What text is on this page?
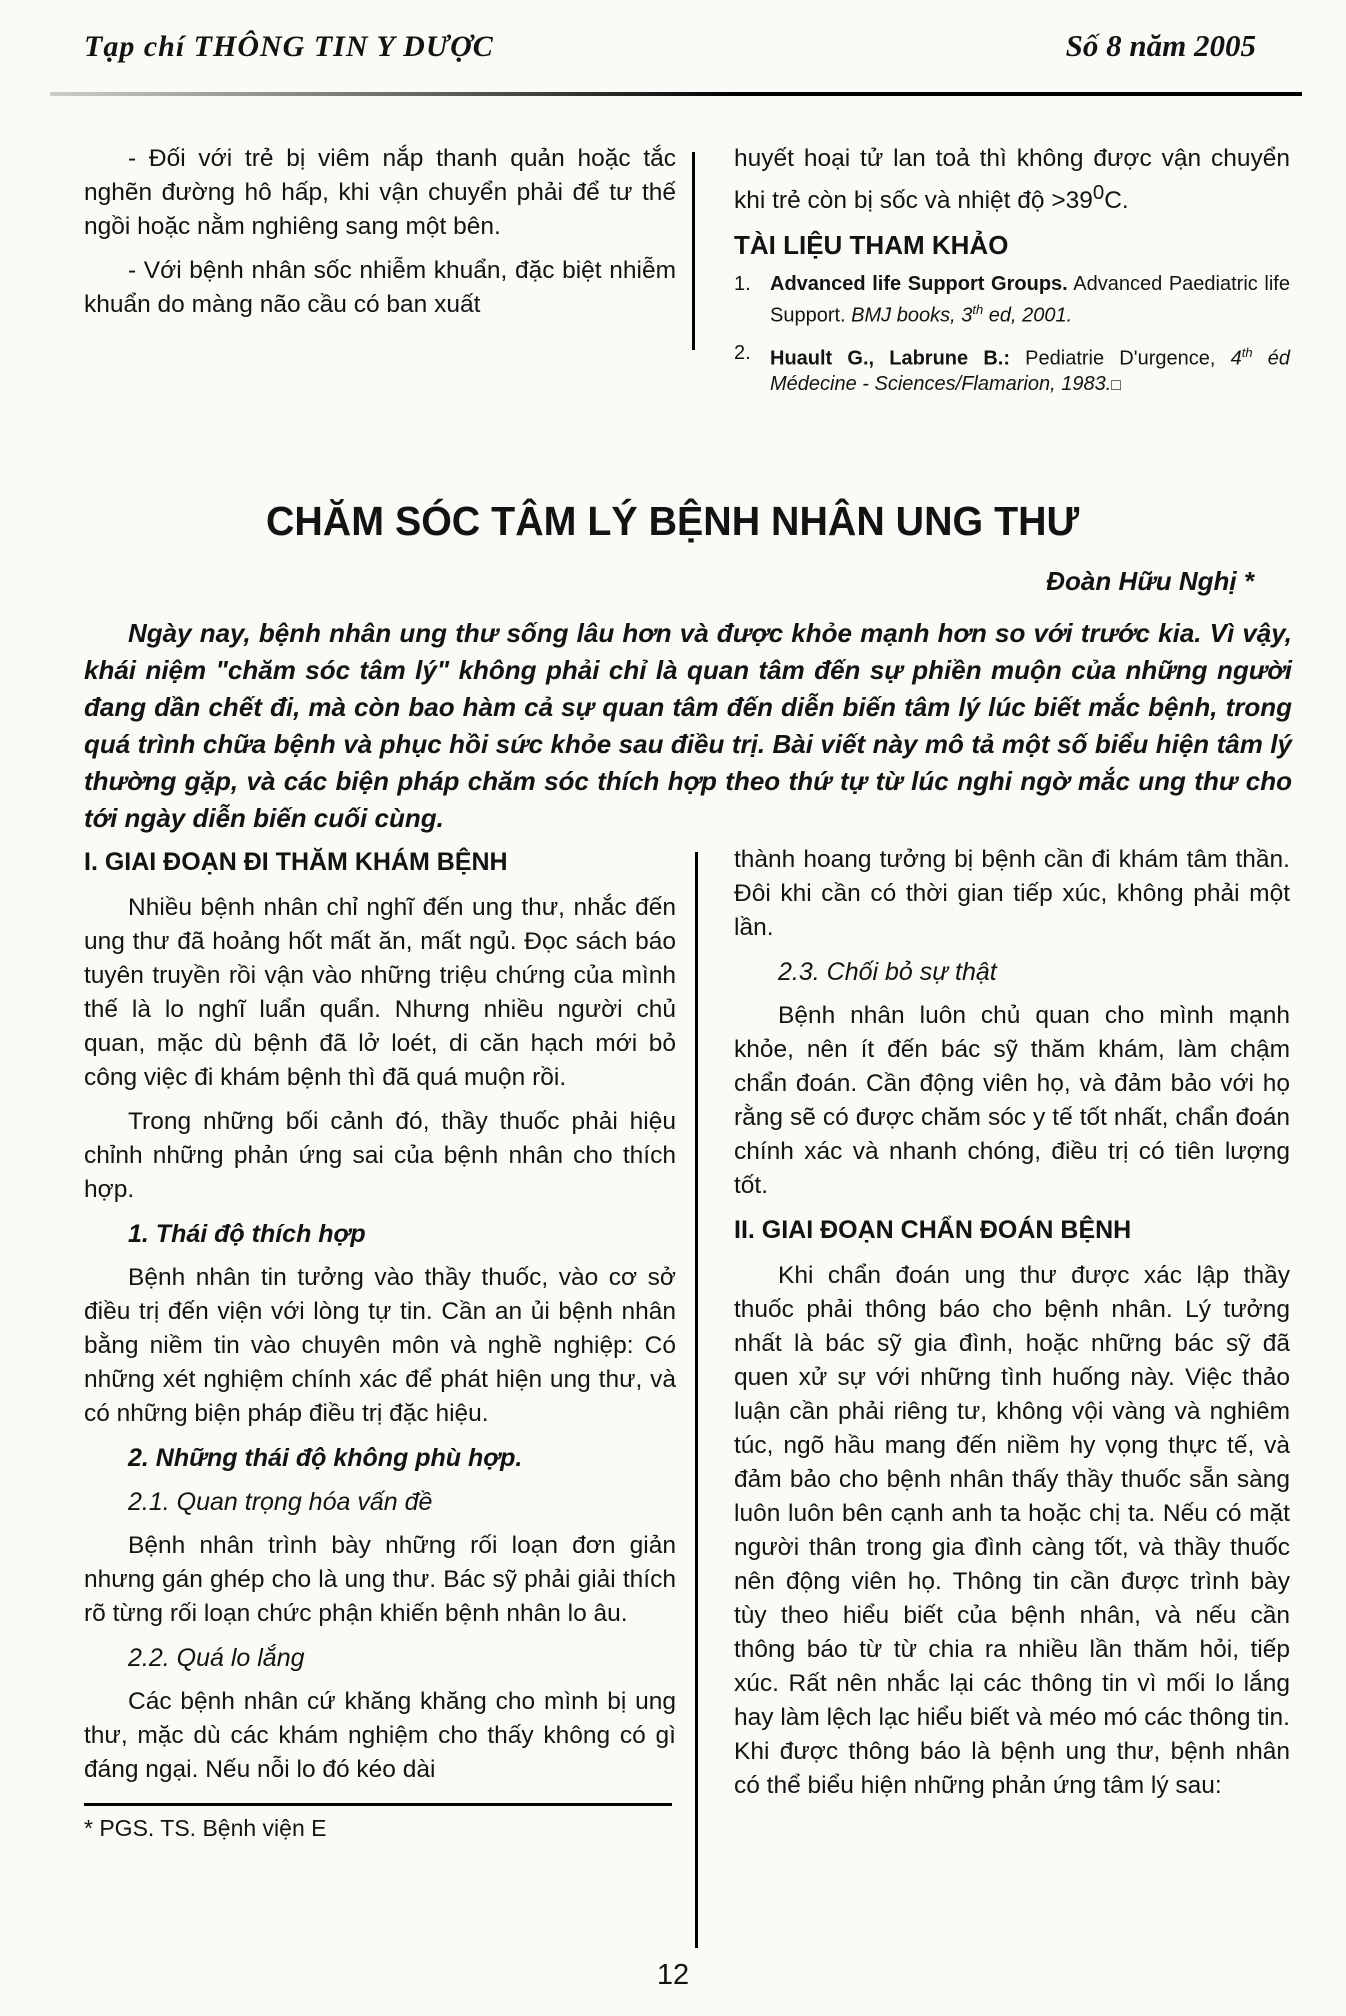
Tạp chí THÔNG TIN Y DƯỢC	Số 8 năm 2005

- Đối với trẻ bị viêm nắp thanh quản hoặc tắc nghẽn đường hô hấp, khi vận chuyển phải để tư thế ngồi hoặc nằm nghiêng sang một bên.

- Với bệnh nhân sốc nhiễm khuẩn, đặc biệt nhiễm khuẩn do màng não cầu có ban xuất

huyết hoại tử lan toả thì không được vận chuyển khi trẻ còn bị sốc và nhiệt độ $>39^0C$.

TÀI LIỆU THAM KHẢO
1. Advanced life Support Groups. Advanced Paediatric life Support. BMJ books, 3th ed, 2001.
2. Huault G., Labrune B.: Pediatrie D'urgence, 4th éd Médecine - Sciences/Flamarion, 1983.□
CHĂM SÓC TÂM LÝ BỆNH NHÂN UNG THƯ
Đoàn Hữu Nghị *
Ngày nay, bệnh nhân ung thư sống lâu hơn và được khỏe mạnh hơn so với trước kia. Vì vậy, khái niệm "chăm sóc tâm lý" không phải chỉ là quan tâm đến sự phiền muộn của những người đang dần chết đi, mà còn bao hàm cả sự quan tâm đến diễn biến tâm lý lúc biết mắc bệnh, trong quá trình chữa bệnh và phục hồi sức khỏe sau điều trị. Bài viết này mô tả một số biểu hiện tâm lý thường gặp, và các biện pháp chăm sóc thích hợp theo thứ tự từ lúc nghi ngờ mắc ung thư cho tới ngày diễn biến cuối cùng.
I. GIAI ĐOẠN ĐI THĂM KHÁM BỆNH

Nhiều bệnh nhân chỉ nghĩ đến ung thư, nhắc đến ung thư đã hoảng hốt mất ăn, mất ngủ. Đọc sách báo tuyên truyền rồi vận vào những triệu chứng của mình thế là lo nghĩ luẩn quẩn. Nhưng nhiều người chủ quan, mặc dù bệnh đã lở loét, di căn hạch mới bỏ công việc đi khám bệnh thì đã quá muộn rồi.

Trong những bối cảnh đó, thầy thuốc phải hiệu chỉnh những phản ứng sai của bệnh nhân cho thích hợp.

1. Thái độ thích hợp

Bệnh nhân tin tưởng vào thầy thuốc, vào cơ sở điều trị đến viện với lòng tự tin. Cần an ủi bệnh nhân bằng niềm tin vào chuyên môn và nghề nghiệp: Có những xét nghiệm chính xác để phát hiện ung thư, và có những biện pháp điều trị đặc hiệu.

2. Những thái độ không phù hợp.
2.1. Quan trọng hóa vấn đề

Bệnh nhân trình bày những rối loạn đơn giản nhưng gán ghép cho là ung thư. Bác sỹ phải giải thích rõ từng rối loạn chức phận khiến bệnh nhân lo âu.

2.2. Quá lo lắng

Các bệnh nhân cứ khăng khăng cho mình bị ung thư, mặc dù các khám nghiệm cho thấy không có gì đáng ngại. Nếu nỗi lo đó kéo dài

* PGS. TS. Bệnh viện E

thành hoang tưởng bị bệnh cần đi khám tâm thần. Đôi khi cần có thời gian tiếp xúc, không phải một lần.

2.3. Chối bỏ sự thật

Bệnh nhân luôn chủ quan cho mình mạnh khỏe, nên ít đến bác sỹ thăm khám, làm chậm chẩn đoán. Cần động viên họ, và đảm bảo với họ rằng sẽ có được chăm sóc y tế tốt nhất, chẩn đoán chính xác và nhanh chóng, điều trị có tiên lượng tốt.

II. GIAI ĐOẠN CHẨN ĐOÁN BỆNH

Khi chẩn đoán ung thư được xác lập thầy thuốc phải thông báo cho bệnh nhân. Lý tưởng nhất là bác sỹ gia đình, hoặc những bác sỹ đã quen xử sự với những tình huống này. Việc thảo luận cần phải riêng tư, không vội vàng và nghiêm túc, ngõ hầu mang đến niềm hy vọng thực tế, và đảm bảo cho bệnh nhân thấy thầy thuốc sẵn sàng luôn luôn bên cạnh anh ta hoặc chị ta. Nếu có mặt người thân trong gia đình càng tốt, và thầy thuốc nên động viên họ. Thông tin cần được trình bày tùy theo hiểu biết của bệnh nhân, và nếu cần thông báo từ từ chia ra nhiều lần thăm hỏi, tiếp xúc. Rất nên nhắc lại các thông tin vì mối lo lắng hay làm lệch lạc hiểu biết và méo mó các thông tin. Khi được thông báo là bệnh ung thư, bệnh nhân có thể biểu hiện những phản ứng tâm lý sau:

12
